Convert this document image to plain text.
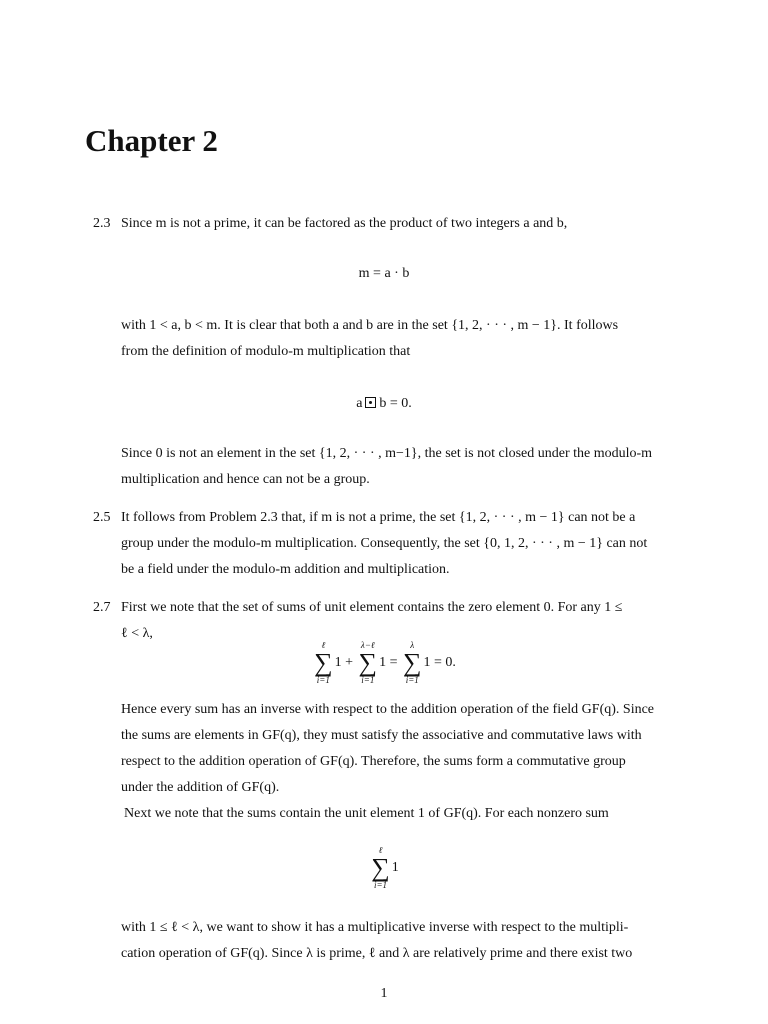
Chapter 2
2.3 Since m is not a prime, it can be factored as the product of two integers a and b,
m = a · b
with 1 < a, b < m. It is clear that both a and b are in the set {1, 2, · · · , m − 1}. It follows
from the definition of modulo-m multiplication that
a b = 0.
Since 0 is not an element in the set {1, 2, · · · , m−1}, the set is not closed under the modulo-m
multiplication and hence can not be a group.
2.5 It follows from Problem 2.3 that, if m is not a prime, the set {1, 2, · · · , m − 1} can not be a
group under the modulo-m multiplication. Consequently, the set {0, 1, 2, · · · , m − 1} can not
be a field under the modulo-m addition and multiplication.
2.7 First we note that the set of sums of unit element contains the zero element 0. For any 1 ≤
ℓ < λ,
ℓ
∑
i=1
1 +
λ−ℓ
∑
i=1
1 =
λ
∑
i=1
1 = 0.
Hence every sum has an inverse with respect to the addition operation of the field GF(q). Since
the sums are elements in GF(q), they must satisfy the associative and commutative laws with
respect to the addition operation of GF(q). Therefore, the sums form a commutative group
under the addition of GF(q).
Next we note that the sums contain the unit element 1 of GF(q). For each nonzero sum
ℓ
∑
i=1
1
with 1 ≤ ℓ < λ, we want to show it has a multiplicative inverse with respect to the multipli-
cation operation of GF(q). Since λ is prime, ℓ and λ are relatively prime and there exist two
1
